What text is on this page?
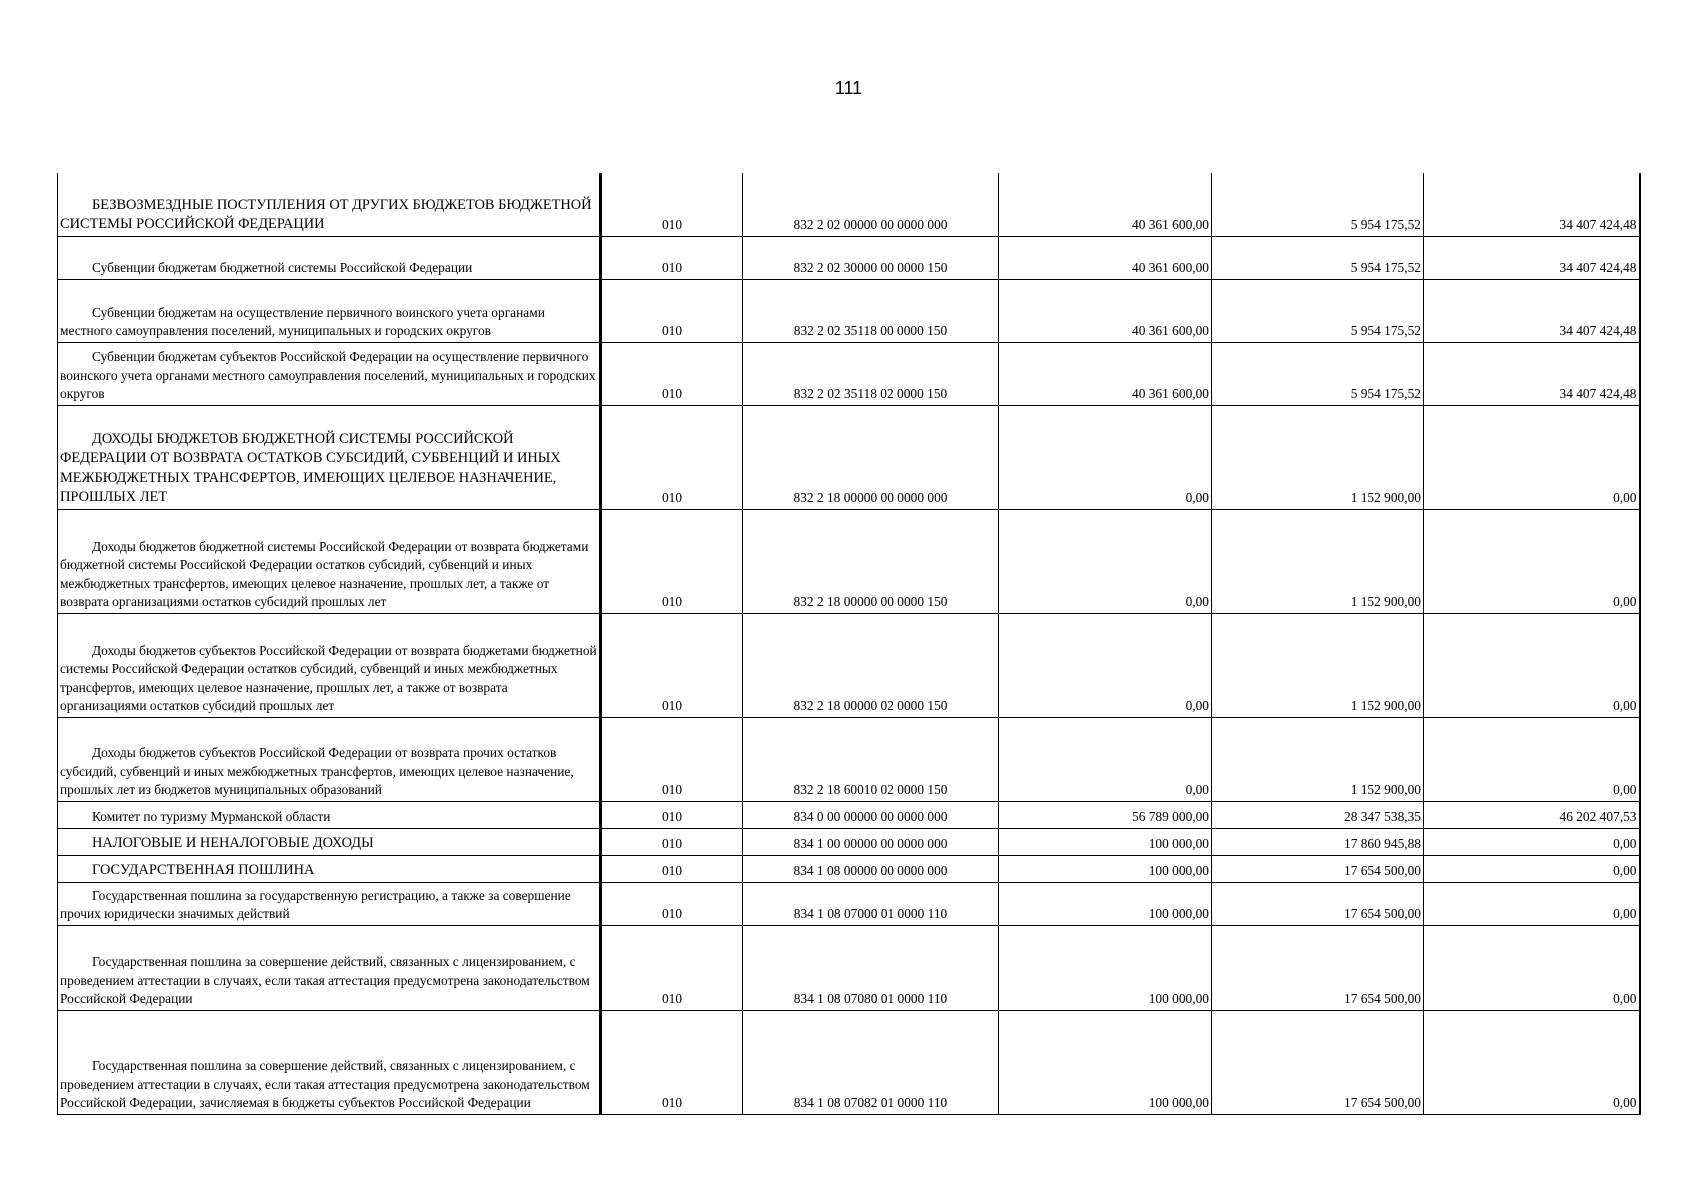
111
БЕЗВОЗМЕЗДНЫЕ ПОСТУПЛЕНИЯ ОТ ДРУГИХ БЮДЖЕТОВ БЮДЖЕТНОЙ СИСТЕМЫ РОССИЙСКОЙ ФЕДЕРАЦИИ	010	832 2 02 00000 00 0000 000	40 361 600,00	5 954 175,52	34 407 424,48
Субвенции бюджетам бюджетной системы Российской Федерации	010	832 2 02 30000 00 0000 150	40 361 600,00	5 954 175,52	34 407 424,48
Субвенции бюджетам на осуществление первичного воинского учета органами местного самоуправления поселений, муниципальных и городских округов	010	832 2 02 35118 00 0000 150	40 361 600,00	5 954 175,52	34 407 424,48
Субвенции бюджетам субъектов Российской Федерации на осуществление первичного воинского учета органами местного самоуправления поселений, муниципальных и городских округов	010	832 2 02 35118 02 0000 150	40 361 600,00	5 954 175,52	34 407 424,48
ДОХОДЫ БЮДЖЕТОВ БЮДЖЕТНОЙ СИСТЕМЫ РОССИЙСКОЙ ФЕДЕРАЦИИ ОТ ВОЗВРАТА ОСТАТКОВ СУБСИДИЙ, СУБВЕНЦИЙ И ИНЫХ МЕЖБЮДЖЕТНЫХ ТРАНСФЕРТОВ, ИМЕЮЩИХ ЦЕЛЕВОЕ НАЗНАЧЕНИЕ, ПРОШЛЫХ ЛЕТ	010	832 2 18 00000 00 0000 000	0,00	1 152 900,00	0,00
Доходы бюджетов бюджетной системы Российской Федерации от возврата бюджетами бюджетной системы Российской Федерации остатков субсидий, субвенций и иных межбюджетных трансфертов, имеющих целевое назначение, прошлых лет, а также от возврата организациями остатков субсидий прошлых лет	010	832 2 18 00000 00 0000 150	0,00	1 152 900,00	0,00
Доходы бюджетов субъектов Российской Федерации от возврата бюджетами бюджетной системы Российской Федерации остатков субсидий, субвенций и иных межбюджетных трансфертов, имеющих целевое назначение, прошлых лет, а также от возврата организациями остатков субсидий прошлых лет	010	832 2 18 00000 02 0000 150	0,00	1 152 900,00	0,00
Доходы бюджетов субъектов Российской Федерации от возврата прочих остатков субсидий, субвенций и иных межбюджетных трансфертов, имеющих целевое назначение, прошлых лет из бюджетов муниципальных образований	010	832 2 18 60010 02 0000 150	0,00	1 152 900,00	0,00
Комитет по туризму Мурманской области	010	834 0 00 00000 00 0000 000	56 789 000,00	28 347 538,35	46 202 407,53
НАЛОГОВЫЕ И НЕНАЛОГОВЫЕ ДОХОДЫ	010	834 1 00 00000 00 0000 000	100 000,00	17 860 945,88	0,00
ГОСУДАРСТВЕННАЯ ПОШЛИНА	010	834 1 08 00000 00 0000 000	100 000,00	17 654 500,00	0,00
Государственная пошлина за государственную регистрацию, а также за совершение прочих юридически значимых действий	010	834 1 08 07000 01 0000 110	100 000,00	17 654 500,00	0,00
Государственная пошлина за совершение действий, связанных с лицензированием, с проведением аттестации в случаях, если такая аттестация предусмотрена законодательством Российской Федерации	010	834 1 08 07080 01 0000 110	100 000,00	17 654 500,00	0,00
Государственная пошлина за совершение действий, связанных с лицензированием, с проведением аттестации в случаях, если такая аттестация предусмотрена законодательством Российской Федерации, зачисляемая в бюджеты субъектов Российской Федерации	010	834 1 08 07082 01 0000 110	100 000,00	17 654 500,00	0,00
